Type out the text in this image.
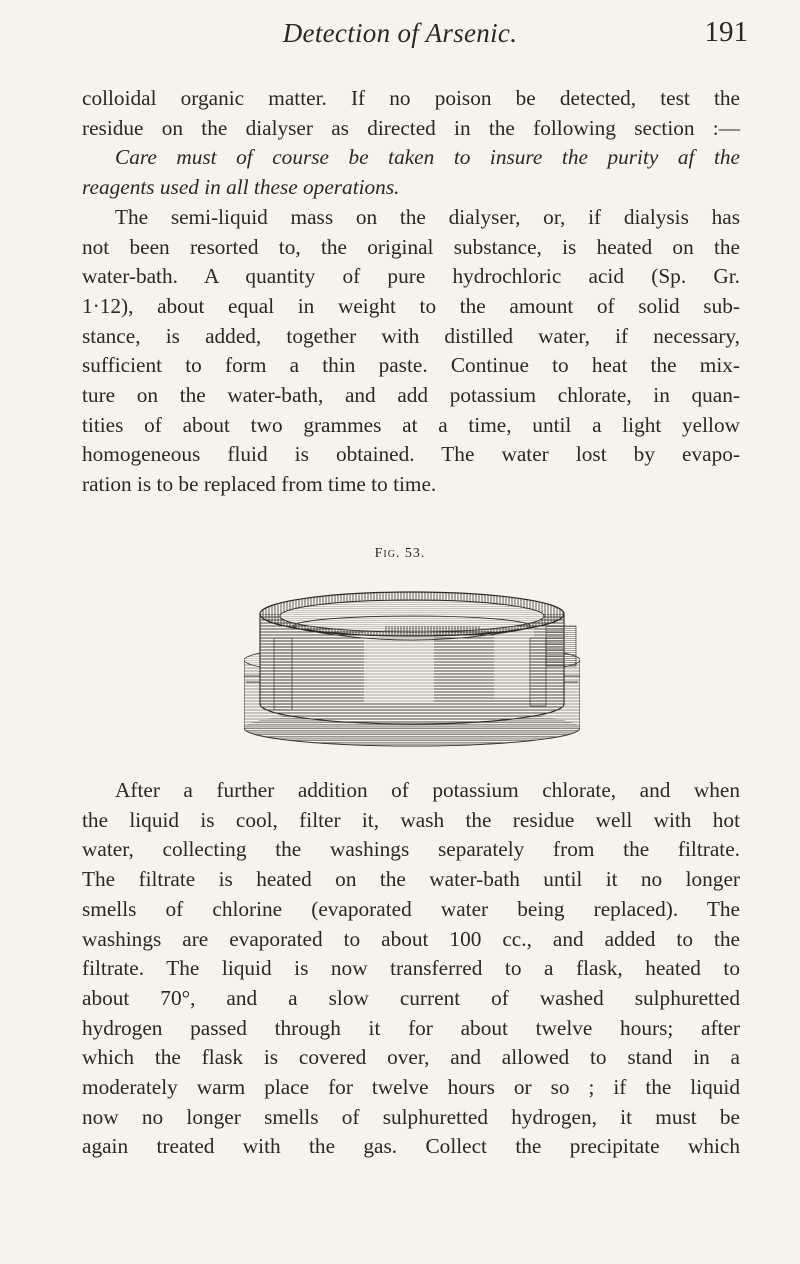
Detection of Arsenic.	191
colloidal organic matter. If no poison be detected, test the
residue on the dialyser as directed in the following section :—
Care must of course be taken to insure the purity af the
reagents used in all these operations.
The semi-liquid mass on the dialyser, or, if dialysis has
not been resorted to, the original substance, is heated on the
water-bath. A quantity of pure hydrochloric acid (Sp. Gr.
1·12), about equal in weight to the amount of solid sub-
stance, is added, together with distilled water, if necessary,
sufficient to form a thin paste. Continue to heat the mix-
ture on the water-bath, and add potassium chlorate, in quan-
tities of about two grammes at a time, until a light yellow
homogeneous fluid is obtained. The water lost by evapo-
ration is to be replaced from time to time.
Fig. 53.
After a further addition of potassium chlorate, and when
the liquid is cool, filter it, wash the residue well with hot
water, collecting the washings separately from the filtrate.
The filtrate is heated on the water-bath until it no longer
smells of chlorine (evaporated water being replaced). The
washings are evaporated to about 100 cc., and added to the
filtrate. The liquid is now transferred to a flask, heated to
about 70°, and a slow current of washed sulphuretted
hydrogen passed through it for about twelve hours; after
which the flask is covered over, and allowed to stand in a
moderately warm place for twelve hours or so ; if the liquid
now no longer smells of sulphuretted hydrogen, it must be
again treated with the gas. Collect the precipitate which
